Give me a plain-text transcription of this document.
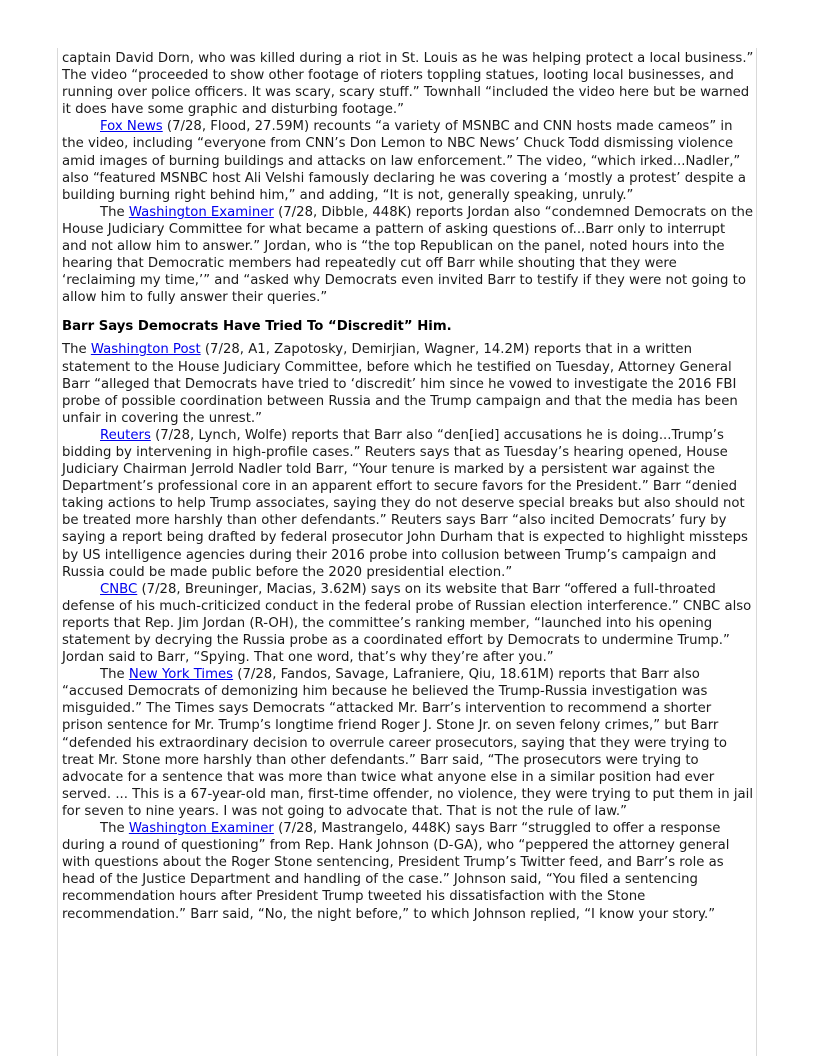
captain David Dorn, who was killed during a riot in St. Louis as he was helping protect a local business.” The video “proceeded to show other footage of rioters toppling statues, looting local businesses, and running over police officers. It was scary, scary stuff.” Townhall “included the video here but be warned it does have some graphic and disturbing footage.”

Fox News (7/28, Flood, 27.59M) recounts “a variety of MSNBC and CNN hosts made cameos” in the video, including “everyone from CNN’s Don Lemon to NBC News’ Chuck Todd dismissing violence amid images of burning buildings and attacks on law enforcement.” The video, “which irked...Nadler,” also “featured MSNBC host Ali Velshi famously declaring he was covering a ‘mostly a protest’ despite a building burning right behind him,” and adding, “It is not, generally speaking, unruly.”

The Washington Examiner (7/28, Dibble, 448K) reports Jordan also “condemned Democrats on the House Judiciary Committee for what became a pattern of asking questions of...Barr only to interrupt and not allow him to answer.” Jordan, who is “the top Republican on the panel, noted hours into the hearing that Democratic members had repeatedly cut off Barr while shouting that they were ‘reclaiming my time,’” and “asked why Democrats even invited Barr to testify if they were not going to allow him to fully answer their queries.”

Barr Says Democrats Have Tried To “Discredit” Him.

The Washington Post (7/28, A1, Zapotosky, Demirjian, Wagner, 14.2M) reports that in a written statement to the House Judiciary Committee, before which he testified on Tuesday, Attorney General Barr “alleged that Democrats have tried to ‘discredit’ him since he vowed to investigate the 2016 FBI probe of possible coordination between Russia and the Trump campaign and that the media has been unfair in covering the unrest.”

Reuters (7/28, Lynch, Wolfe) reports that Barr also “den[ied] accusations he is doing...Trump’s bidding by intervening in high-profile cases.” Reuters says that as Tuesday’s hearing opened, House Judiciary Chairman Jerrold Nadler told Barr, “Your tenure is marked by a persistent war against the Department’s professional core in an apparent effort to secure favors for the President.” Barr “denied taking actions to help Trump associates, saying they do not deserve special breaks but also should not be treated more harshly than other defendants.” Reuters says Barr “also incited Democrats’ fury by saying a report being drafted by federal prosecutor John Durham that is expected to highlight missteps by US intelligence agencies during their 2016 probe into collusion between Trump’s campaign and Russia could be made public before the 2020 presidential election.”

CNBC (7/28, Breuninger, Macias, 3.62M) says on its website that Barr “offered a full-throated defense of his much-criticized conduct in the federal probe of Russian election interference.” CNBC also reports that Rep. Jim Jordan (R-OH), the committee’s ranking member, “launched into his opening statement by decrying the Russia probe as a coordinated effort by Democrats to undermine Trump.” Jordan said to Barr, “Spying. That one word, that’s why they’re after you.”

The New York Times (7/28, Fandos, Savage, Lafraniere, Qiu, 18.61M) reports that Barr also “accused Democrats of demonizing him because he believed the Trump-Russia investigation was misguided.” The Times says Democrats “attacked Mr. Barr’s intervention to recommend a shorter prison sentence for Mr. Trump’s longtime friend Roger J. Stone Jr. on seven felony crimes,” but Barr “defended his extraordinary decision to overrule career prosecutors, saying that they were trying to treat Mr. Stone more harshly than other defendants.” Barr said, “The prosecutors were trying to advocate for a sentence that was more than twice what anyone else in a similar position had ever served. ... This is a 67-year-old man, first-time offender, no violence, they were trying to put them in jail for seven to nine years. I was not going to advocate that. That is not the rule of law.”

The Washington Examiner (7/28, Mastrangelo, 448K) says Barr “struggled to offer a response during a round of questioning” from Rep. Hank Johnson (D-GA), who “peppered the attorney general with questions about the Roger Stone sentencing, President Trump’s Twitter feed, and Barr’s role as head of the Justice Department and handling of the case.” Johnson said, “You filed a sentencing recommendation hours after President Trump tweeted his dissatisfaction with the Stone recommendation.” Barr said, “No, the night before,” to which Johnson replied, “I know your story.”
